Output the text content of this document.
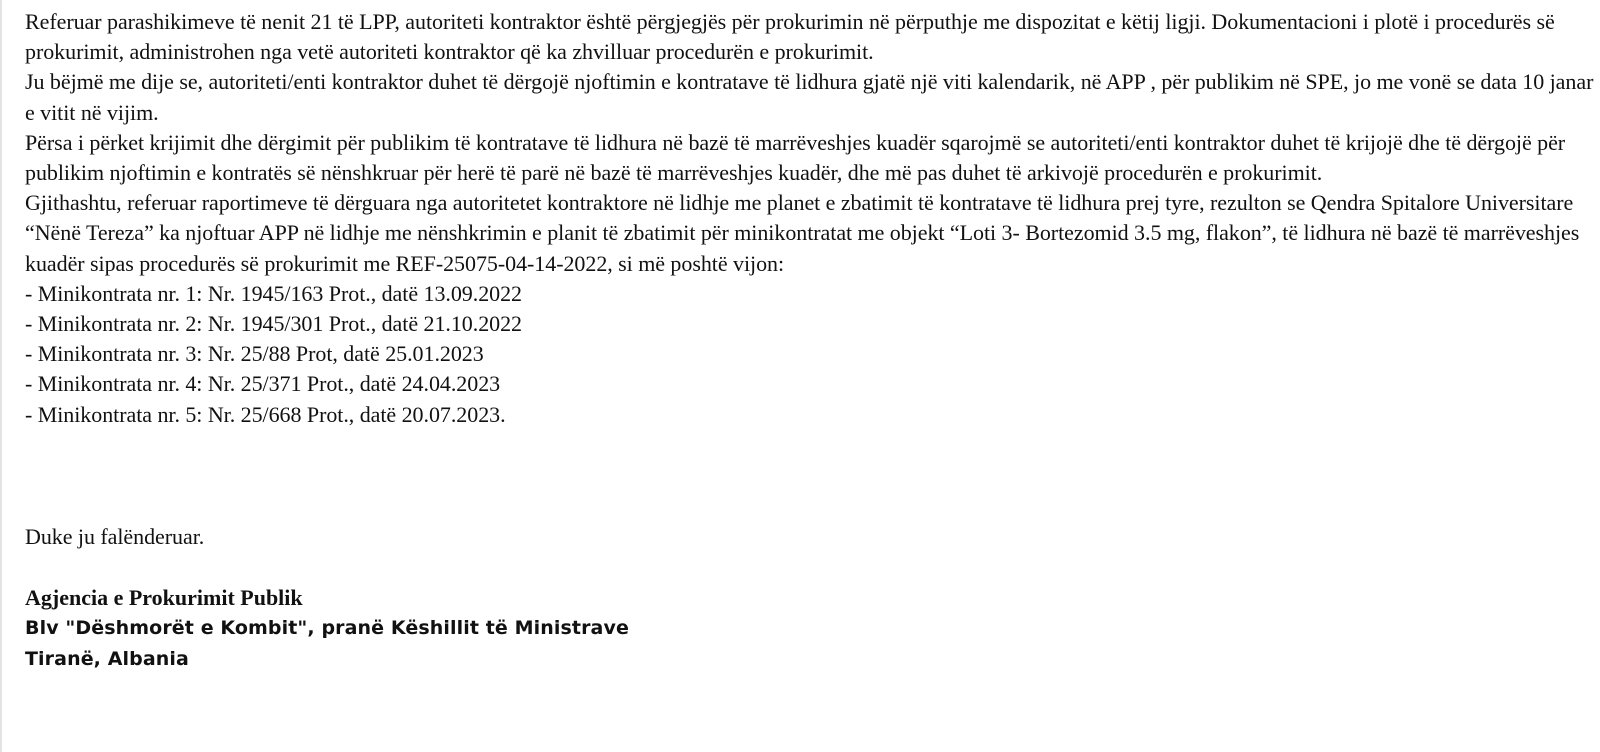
Referuar parashikimeve të nenit 21 të LPP, autoriteti kontraktor është përgjegjës për prokurimin në përputhje me dispozitat e këtij ligji. Dokumentacioni i plotë i procedurës së prokurimit, administrohen nga vetë autoriteti kontraktor që ka zhvilluar procedurën e prokurimit.

Ju bëjmë me dije se, autoriteti/enti kontraktor duhet të dërgojë njoftimin e kontratave të lidhura gjatë një viti kalendarik, në APP , për publikim në SPE, jo me vonë se data 10 janar e vitit në vijim.

Përsa i përket krijimit dhe dërgimit për publikim të kontratave të lidhura në bazë të marrëveshjes kuadër sqarojmë se autoriteti/enti kontraktor duhet të krijojë dhe të dërgojë për publikim njoftimin e kontratës së nënshkruar për herë të parë në bazë të marrëveshjes kuadër, dhe më pas duhet të arkivojë procedurën e prokurimit.

Gjithashtu, referuar raportimeve të dërguara nga autoritetet kontraktore në lidhje me planet e zbatimit të kontratave të lidhura prej tyre, rezulton se Qendra Spitalore Universitare “Nënë Tereza” ka njoftuar APP në lidhje me nënshkrimin e planit të zbatimit për minikontratat me objekt “Loti 3- Bortezomid 3.5 mg, flakon”, të lidhura në bazë të marrëveshjes kuadër sipas procedurës së prokurimit me REF-25075-04-14-2022, si më poshtë vijon:

- Minikontrata nr. 1: Nr. 1945/163 Prot., datë 13.09.2022
- Minikontrata nr. 2: Nr. 1945/301 Prot., datë 21.10.2022
- Minikontrata nr. 3: Nr. 25/88 Prot, datë 25.01.2023
- Minikontrata nr. 4: Nr. 25/371 Prot., datë 24.04.2023
- Minikontrata nr. 5: Nr. 25/668 Prot., datë 20.07.2023.

Duke ju falënderuar.

Agjencia e Prokurimit Publik
Blv "Dëshmorët e Kombit", pranë Këshillit të Ministrave
Tiranë, Albania
